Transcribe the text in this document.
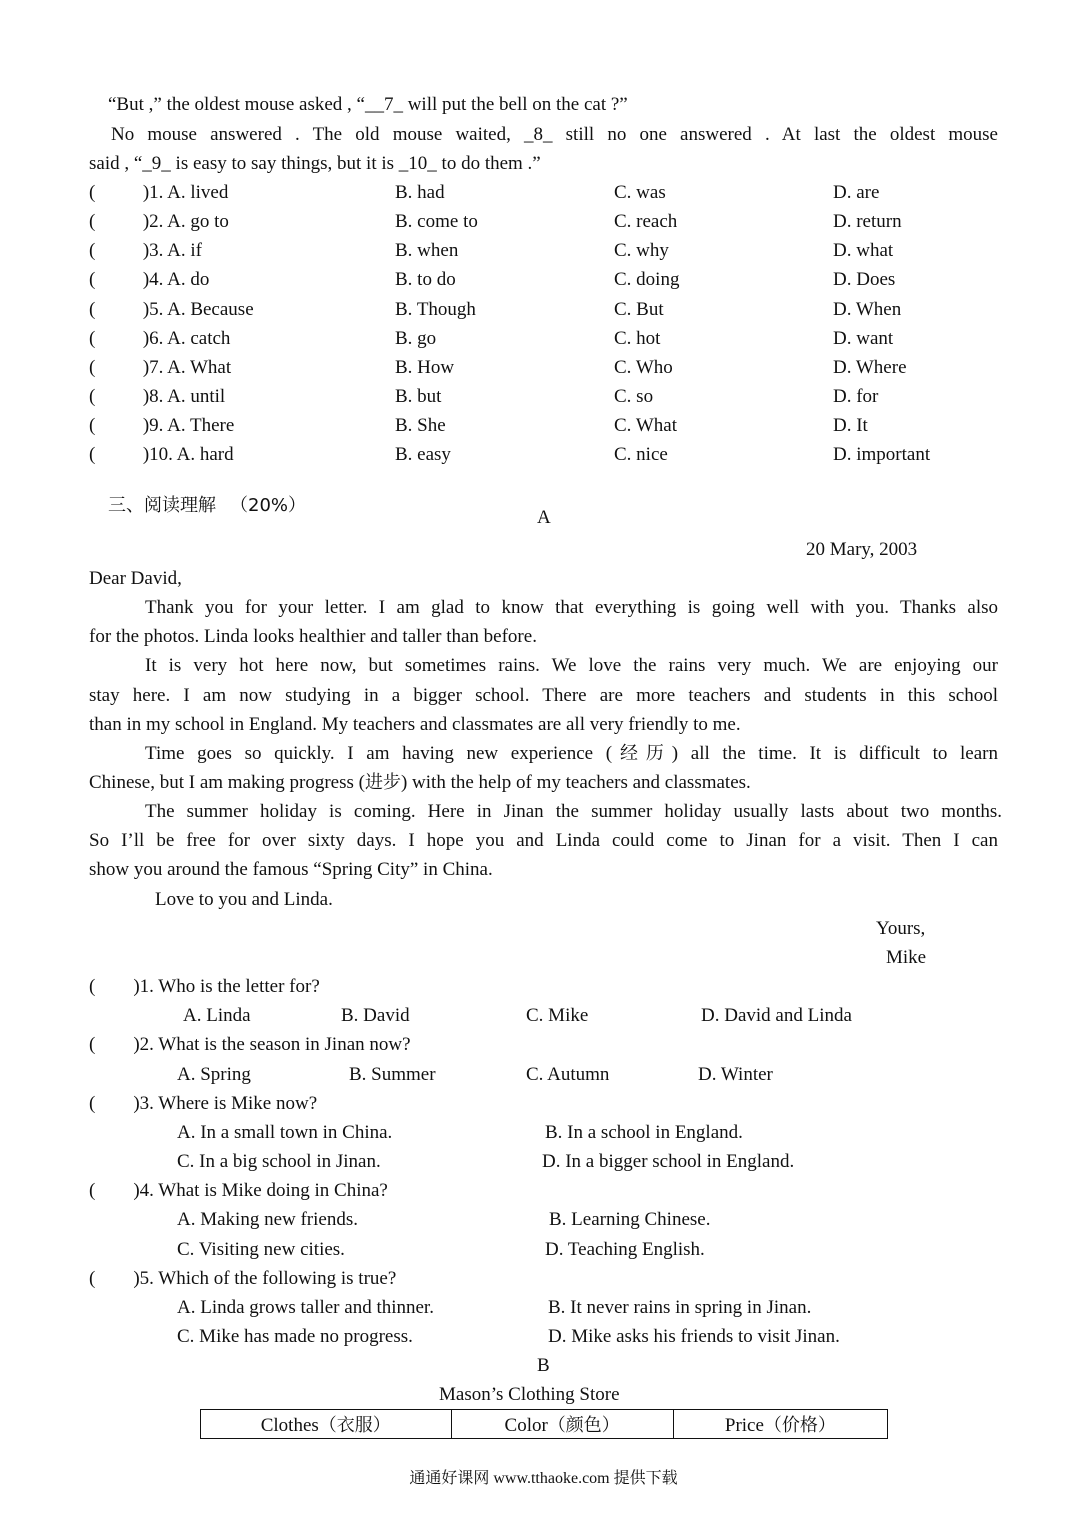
“But ,” the oldest mouse asked , “__7_ will put the bell on the cat ?”
No mouse answered . The old mouse waited, _8_ still no one answered . At last the oldest mouse
said , “_9_ is easy to say things, but it is _10_ to do them .”
(          )1. A. lived	B. had	C. was	D. are
(          )2. A. go to	B. come to	C. reach	D. return
(          )3. A. if	B. when	C. why	D. what
(          )4. A. do	B. to do	C. doing	D. Does
(          )5. A. Because	B. Though	C. But	D. When
(          )6. A. catch	B. go	C. hot	D. want
(          )7. A. What	B. How	C. Who	D. Where
(          )8. A. until	B. but	C. so	D. for
(          )9. A. There	B. She	C. What	D. It
(          )10. A. hard	B. easy	C. nice	D. important

三、阅读理解 （20%）

A
20 Mary, 2003
Dear David,
Thank you for your letter. I am glad to know that everything is going well with you. Thanks also
for the photos. Linda looks healthier and taller than before.
It is very hot here now, but sometimes rains. We love the rains very much. We are enjoying our
stay here. I am now studying in a bigger school. There are more teachers and students in this school
than in my school in England. My teachers and classmates are all very friendly to me.
Time goes so quickly. I am having new experience (经历) all the time. It is difficult to learn
Chinese, but I am making progress (进步) with the help of my teachers and classmates.
The summer holiday is coming. Here in Jinan the summer holiday usually lasts about two months.
So I’ll be free for over sixty days. I hope you and Linda could come to Jinan for a visit. Then I can
show you around the famous “Spring City” in China.
Love to you and Linda.
Yours,
Mike
(        )1. Who is the letter for?
A. Linda	B. David	C. Mike	D. David and Linda
(        )2. What is the season in Jinan now?
A. Spring	B. Summer	C. Autumn	D. Winter
(        )3. Where is Mike now?
A. In a small town in China.	B. In a school in England.
C. In a big school in Jinan.	D. In a bigger school in England.
(        )4. What is Mike doing in China?
A. Making new friends.	B. Learning Chinese.
C. Visiting new cities.	D. Teaching English.
(        )5. Which of the following is true?
A. Linda grows taller and thinner.	B. It never rains in spring in Jinan.
C. Mike has made no progress.	D. Mike asks his friends to visit Jinan.
B
Mason’s Clothing Store
Clothes（衣服）	Color（颜色）	Price（价格）
通通好课网 www.tthaoke.com 提供下载
